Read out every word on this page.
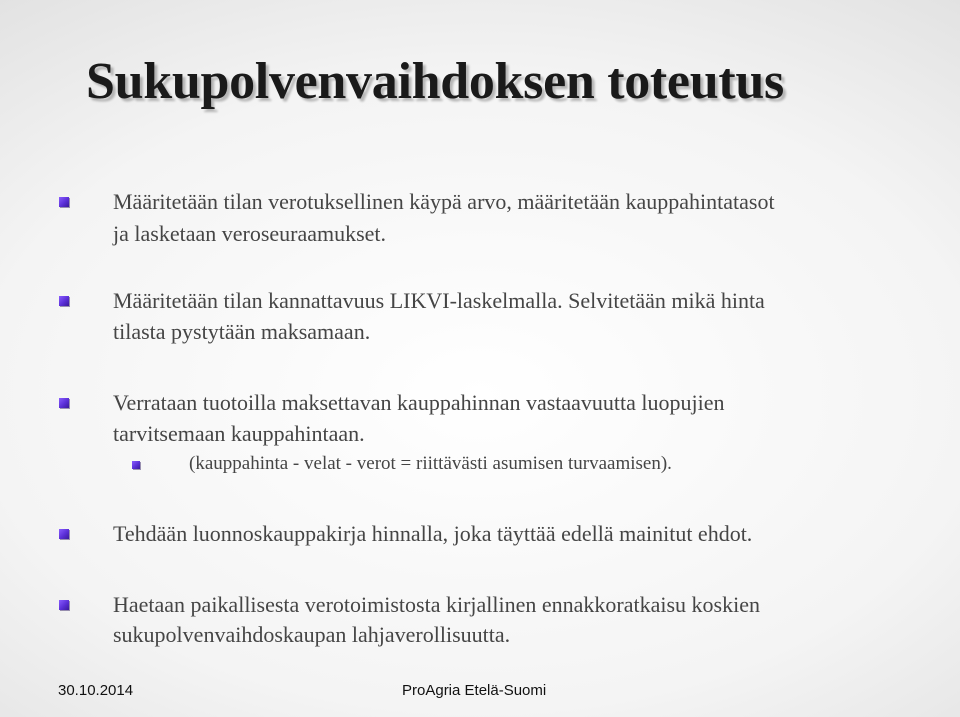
Sukupolvenvaihdoksen toteutus
Määritetään tilan verotuksellinen käypä arvo, määritetään kauppahintatasot
ja lasketaan veroseuraamukset.
Määritetään tilan kannattavuus LIKVI-laskelmalla. Selvitetään mikä hinta
tilasta pystytään maksamaan.
Verrataan tuotoilla maksettavan kauppahinnan vastaavuutta luopujien
tarvitsemaan kauppahintaan.
(kauppahinta - velat - verot = riittävästi asumisen turvaamisen).
Tehdään luonnoskauppakirja hinnalla, joka täyttää edellä mainitut ehdot.
Haetaan paikallisesta verotoimistosta kirjallinen ennakkoratkaisu koskien
sukupolvenvaihdoskaupan lahjaverollisuutta.
30.10.2014	ProAgria Etelä-Suomi
